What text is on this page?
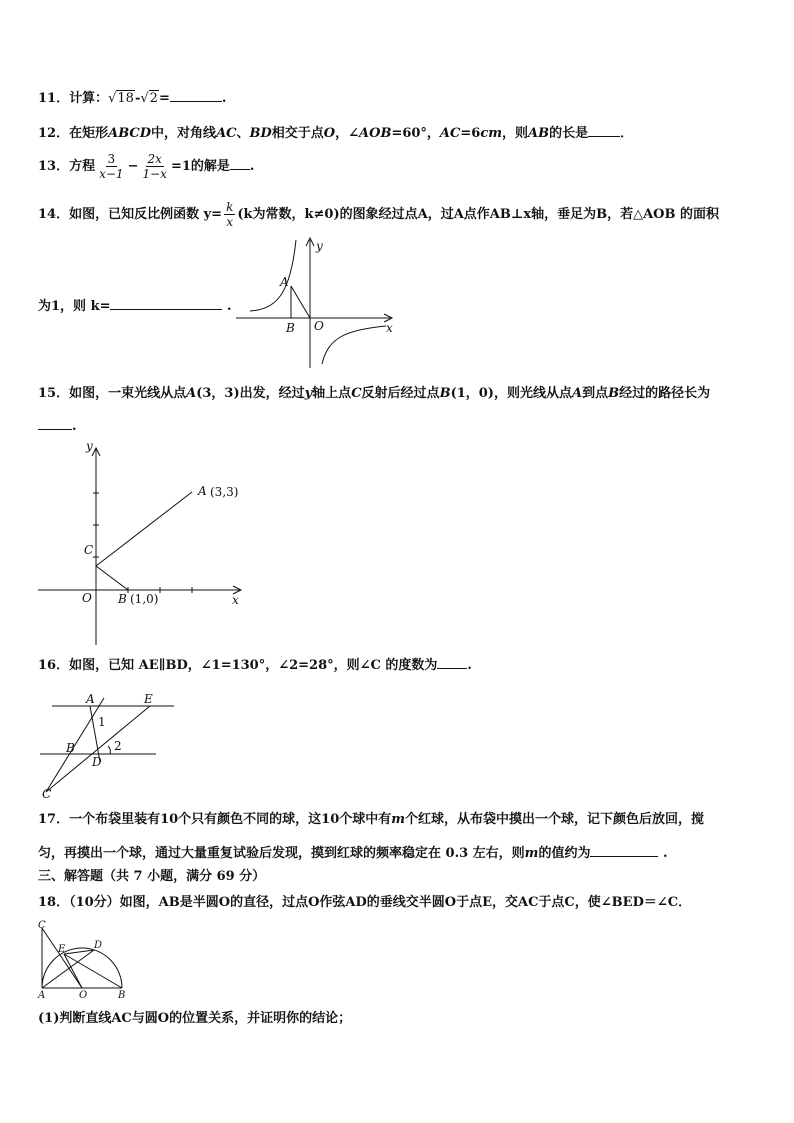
11．计算：√18-√2=	.
12．在矩形ABCD中，对角线AC、BD相交于点O，∠AOB=60°，AC=6cm，则AB的长是 ．
13．方程 $\frac{3}{x-1} - \frac{2x}{1-x} =1$的解是 .
14．如图，已知反比例函数 $y= \frac{k}{x} (k$为常数，k≠0)的图象经过点A，过A点作AB⊥x轴，垂足为B，若△AOB 的面积
为1，则 k=	.
y
x
A
B O
15．如图，一束光线从点A(3，3)出发，经过y轴上点C反射后经过点B(1，0)，则光线从点A到点B经过的路径长为
.
y
x
O
C
A (3,3)
B (1,0)
16．如图，已知 AE∥BD，∠1=130°，∠2=28°，则∠C 的度数为 .
A	E
B
D
C
1
2
17．一个布袋里装有10个只有颜色不同的球，这10个球中有m个红球，从布袋中摸出一个球，记下颜色后放回，搅
匀，再摸出一个球，通过大量重复试验后发现，摸到红球的频率稳定在 0.3 左右，则m的值约为	.
三、解答题（共 7 小题，满分 69 分）
18．（10分）如图，AB是半圆O的直径，过点O作弦AD的垂线交半圆O于点E，交AC于点C，使∠BED＝∠C．
C
E	D
A	O	B
(1)判断直线AC与圆O的位置关系，并证明你的结论；
